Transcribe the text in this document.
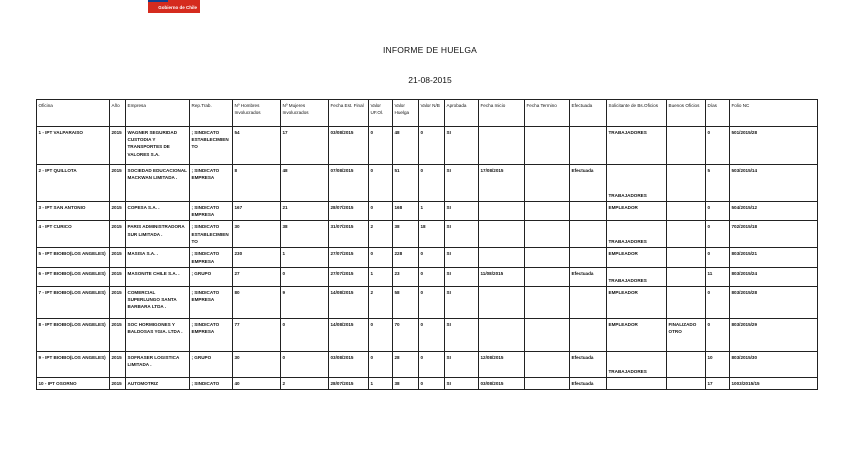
Gobierno de Chile
INFORME DE HUELGA
21-08-2015
Oficina	Año	Empresa	Rep.Trab.	Nº Hombres Involucrados	Nº Mujeres Involucrados	Fecha Est. Final	Valor UF.Ol.	Valor Huelga	Valor N/B	Aprobada	Fecha Inicio	Fecha Termino	Efectuada	Solicitante de Bs.Oficios	Buenos Oficios	Días	Folio NC
1 - IPT VALPARAISO	2015	WAGNER SEGURIDAD CUSTODIA Y TRANSPORTES DE VALORES S.A.	; SINDICATO ESTABLECIMIENTO	54	17	03/08/2015	0	48	0	SI				TRABAJADORES		0	501/2015/28
2 - IPT QUILLOTA	2015	SOCIEDAD EDUCACIONAL MACKWAN LIMITADA .	; SINDICATO EMPRESA	8	48	07/08/2015	0	51	0	SI	17/08/2015		Efectuada	TRABAJADORES		5	503/2015/14
3 - IPT SAN ANTONIO	2015	COPESA S.A. .	; SINDICATO EMPRESA	167	21	28/07/2015	0	168	1	SI				EMPLEADOR		0	504/2015/12
4 - IPT CURICO	2015	PARIS ADMINISTRADORA SUR LIMITADA .	; SINDICATO ESTABLECIMIENTO	30	38	31/07/2015	2	38	18	SI				TRABAJADORES		0	702/2015/18
5 - IPT BIOBIO(LOS ANGELES)	2015	MASISA S.A. .	; SINDICATO EMPRESA	230	1	27/07/2015	0	228	0	SI				EMPLEADOR		0	803/2015/21
6 - IPT BIOBIO(LOS ANGELES)	2015	MASONITE CHILE S.A. .	; GRUPO	27	0	27/07/2015	1	23	0	SI	11/08/2015		Efectuada	TRABAJADORES		11	803/2015/24
7 - IPT BIOBIO(LOS ANGELES)	2015	COMERCIAL SUPERLUNGO SANTA BARBARA LTDA .	; SINDICATO EMPRESA	80	9	14/08/2015	2	58	0	SI				EMPLEADOR		0	803/2015/28
8 - IPT BIOBIO(LOS ANGELES)	2015	SOC HORMIGONES Y BALDOSAS YGIA. LTDA .	; SINDICATO EMPRESA	77	0	14/08/2015	0	70	0	SI				EMPLEADOR	FINALIZADO OTRO	0	803/2015/29
9 - IPT BIOBIO(LOS ANGELES)	2015	SOFRASER LOGISTICA LIMITADA .	; GRUPO	30	0	03/08/2015	0	28	0	SI	12/08/2015		Efectuada	TRABAJADORES		10	803/2015/30
10 - IPT OSORNO	2015	AUTOMOTRIZ	; SINDICATO	40	2	28/07/2015	1	38	0	SI	03/08/2015		Efectuada			17	1003/2015/15
